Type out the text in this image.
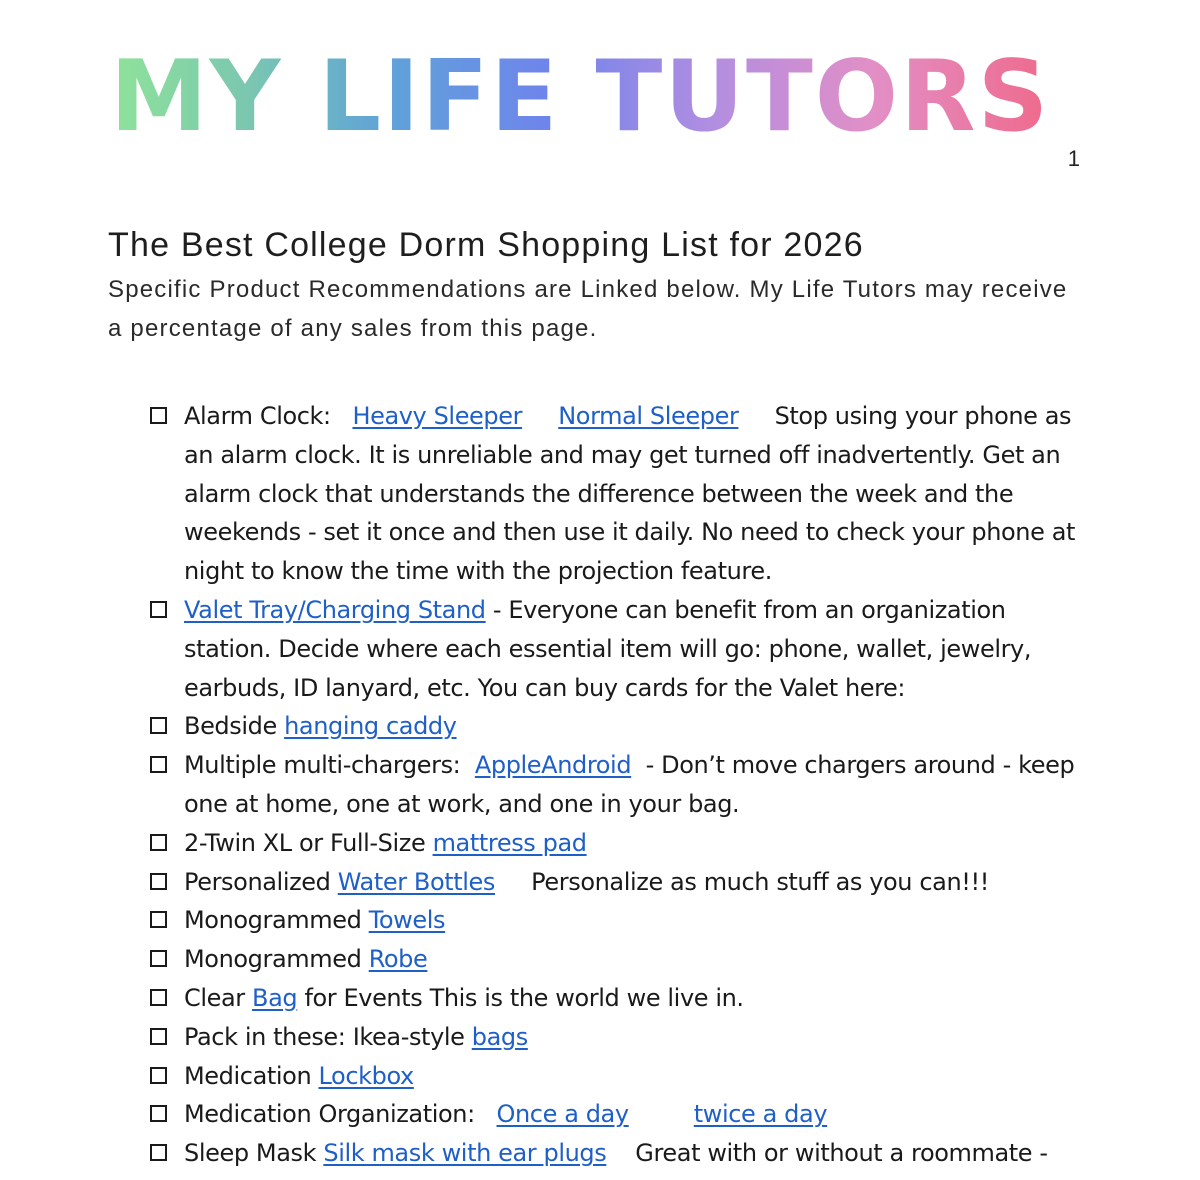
MY LIFE TUTORS
1
The Best College Dorm Shopping List for 2026

Specific Product Recommendations are Linked below. My Life Tutors may receive a percentage of any sales from this page.

Alarm Clock: Heavy Sleeper Normal Sleeper Stop using your phone as an alarm clock. It is unreliable and may get turned off inadvertently. Get an alarm clock that understands the difference between the week and the weekends - set it once and then use it daily. No need to check your phone at night to know the time with the projection feature.
Valet Tray/Charging Stand - Everyone can benefit from an organization station. Decide where each essential item will go: phone, wallet, jewelry, earbuds, ID lanyard, etc. You can buy cards for the Valet here:
Bedside hanging caddy
Multiple multi-chargers: AppleAndroid - Don’t move chargers around - keep one at home, one at work, and one in your bag.
2-Twin XL or Full-Size mattress pad
Personalized Water Bottles Personalize as much stuff as you can!!!
Monogrammed Towels
Monogrammed Robe
Clear Bag for Events This is the world we live in.
Pack in these: Ikea-style bags
Medication Lockbox
Medication Organization: Once a day	twice a day
Sleep Mask Silk mask with ear plugs Great with or without a roommate -
